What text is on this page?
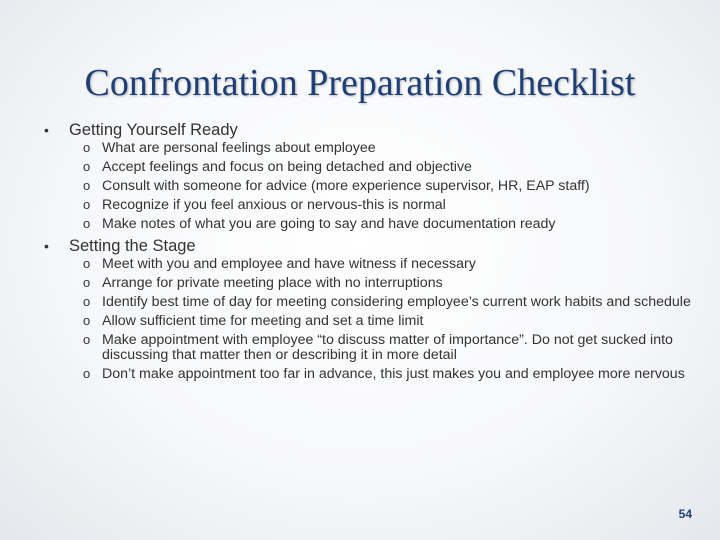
Confrontation Preparation Checklist
• Getting Yourself Ready
o What are personal feelings about employee
o Accept feelings and focus on being detached and objective
o Consult with someone for advice (more experience supervisor, HR, EAP staff)
o Recognize if you feel anxious or nervous-this is normal
o Make notes of what you are going to say and have documentation ready
• Setting the Stage
o Meet with you and employee and have witness if necessary
o Arrange for private meeting place with no interruptions
o Identify best time of day for meeting considering employee’s current work habits and schedule
o Allow sufficient time for meeting and set a time limit
o Make appointment with employee “to discuss matter of importance”. Do not get sucked into discussing that matter then or describing it in more detail
o Don’t make appointment too far in advance, this just makes you and employee more nervous
54
